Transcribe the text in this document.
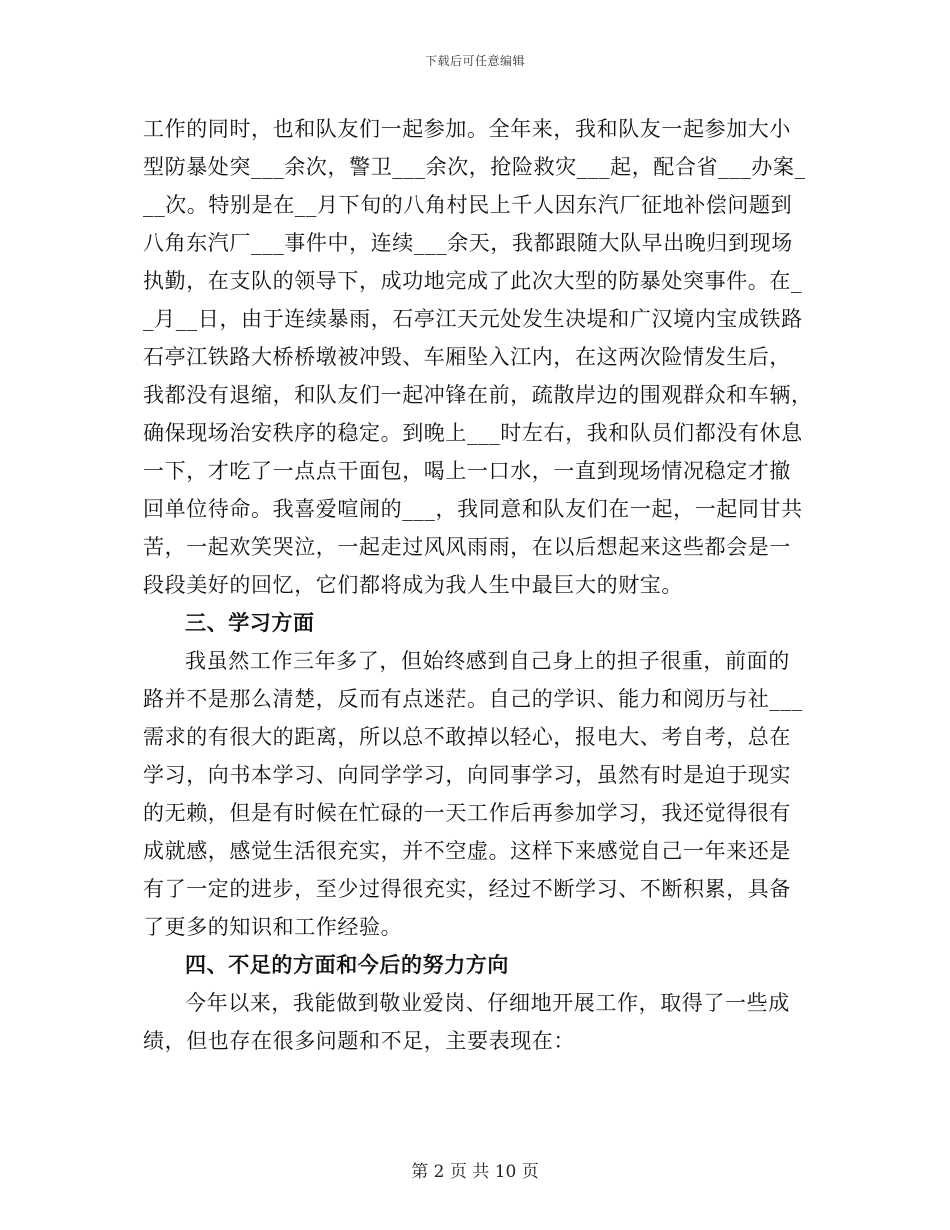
下载后可任意编辑
工作的同时，也和队友们一起参加。全年来，我和队友一起参加大小
型防暴处突___余次，警卫___余次，抢险救灾___起，配合省___办案_
__次。特别是在__月下旬的八角村民上千人因东汽厂征地补偿问题到
八角东汽厂___事件中，连续___余天，我都跟随大队早出晚归到现场
执勤，在支队的领导下，成功地完成了此次大型的防暴处突事件。在_
_月__日，由于连续暴雨，石亭江天元处发生决堤和广汉境内宝成铁路
石亭江铁路大桥桥墩被冲毁、车厢坠入江内，在这两次险情发生后，
我都没有退缩，和队友们一起冲锋在前，疏散岸边的围观群众和车辆，
确保现场治安秩序的稳定。到晚上___时左右，我和队员们都没有休息
一下，才吃了一点点干面包，喝上一口水，一直到现场情况稳定才撤
回单位待命。我喜爱喧闹的___，我同意和队友们在一起，一起同甘共
苦，一起欢笑哭泣，一起走过风风雨雨，在以后想起来这些都会是一
段段美好的回忆，它们都将成为我人生中最巨大的财宝。
三、学习方面
我虽然工作三年多了，但始终感到自己身上的担子很重，前面的
路并不是那么清楚，反而有点迷茫。自己的学识、能力和阅历与社___
需求的有很大的距离，所以总不敢掉以轻心，报电大、考自考，总在
学习，向书本学习、向同学学习，向同事学习，虽然有时是迫于现实
的无赖，但是有时候在忙碌的一天工作后再参加学习，我还觉得很有
成就感，感觉生活很充实，并不空虚。这样下来感觉自己一年来还是
有了一定的进步，至少过得很充实，经过不断学习、不断积累，具备
了更多的知识和工作经验。
四、不足的方面和今后的努力方向
今年以来，我能做到敬业爱岗、仔细地开展工作，取得了一些成
绩，但也存在很多问题和不足，主要表现在：
第 2 页 共 10 页
